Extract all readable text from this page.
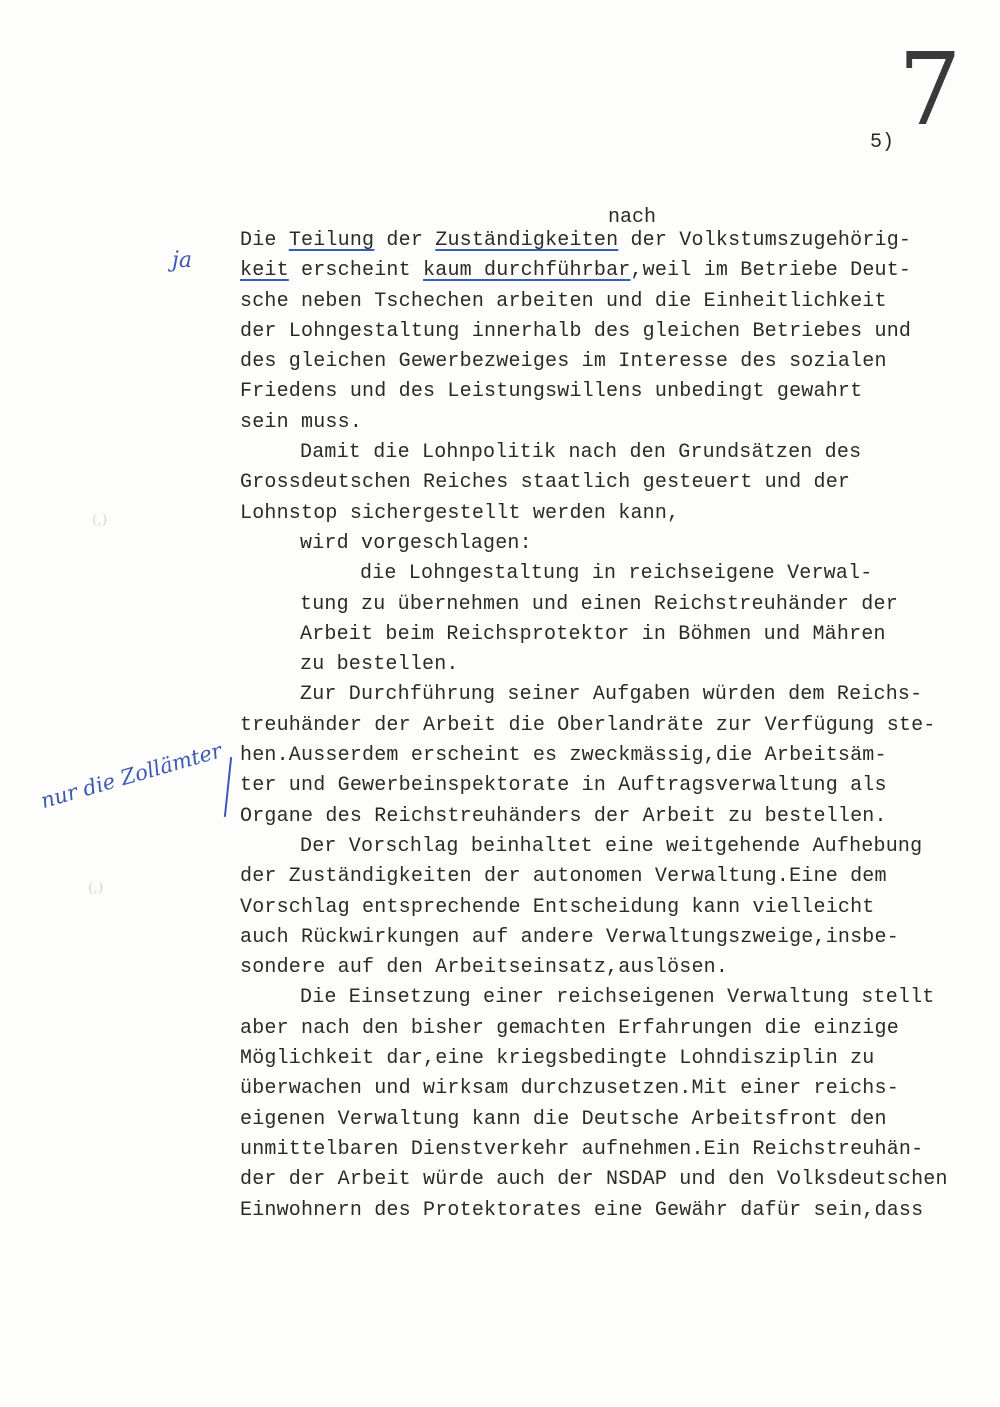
7
5)
nach
ja
nur die Zollämter
(,)
(,)
Die Teilung der Zuständigkeiten der Volkstumszugehörig-
keit erscheint kaum durchführbar,weil im Betriebe Deut-
sche neben Tschechen arbeiten und die Einheitlichkeit
der Lohngestaltung innerhalb des gleichen Betriebes und
des gleichen Gewerbezweiges im Interesse des sozialen
Friedens und des Leistungswillens unbedingt gewahrt
sein muss.
Damit die Lohnpolitik nach den Grundsätzen des
Grossdeutschen Reiches staatlich gesteuert und der
Lohnstop sichergestellt werden kann,
wird vorgeschlagen:
die Lohngestaltung in reichseigene Verwal-
tung zu übernehmen und einen Reichstreuhänder der
Arbeit beim Reichsprotektor in Böhmen und Mähren
zu bestellen.
Zur Durchführung seiner Aufgaben würden dem Reichs-
treuhänder der Arbeit die Oberlandräte zur Verfügung ste-
hen.Ausserdem erscheint es zweckmässig,die Arbeitsäm-
ter und Gewerbeinspektorate in Auftragsverwaltung als
Organe des Reichstreuhänders der Arbeit zu bestellen.
Der Vorschlag beinhaltet eine weitgehende Aufhebung
der Zuständigkeiten der autonomen Verwaltung.Eine dem
Vorschlag entsprechende Entscheidung kann vielleicht
auch Rückwirkungen auf andere Verwaltungszweige,insbe-
sondere auf den Arbeitseinsatz,auslösen.
Die Einsetzung einer reichseigenen Verwaltung stellt
aber nach den bisher gemachten Erfahrungen die einzige
Möglichkeit dar,eine kriegsbedingte Lohndisziplin zu
überwachen und wirksam durchzusetzen.Mit einer reichs-
eigenen Verwaltung kann die Deutsche Arbeitsfront den
unmittelbaren Dienstverkehr aufnehmen.Ein Reichstreuhän-
der der Arbeit würde auch der NSDAP und den Volksdeutschen
Einwohnern des Protektorates eine Gewähr dafür sein,dass
